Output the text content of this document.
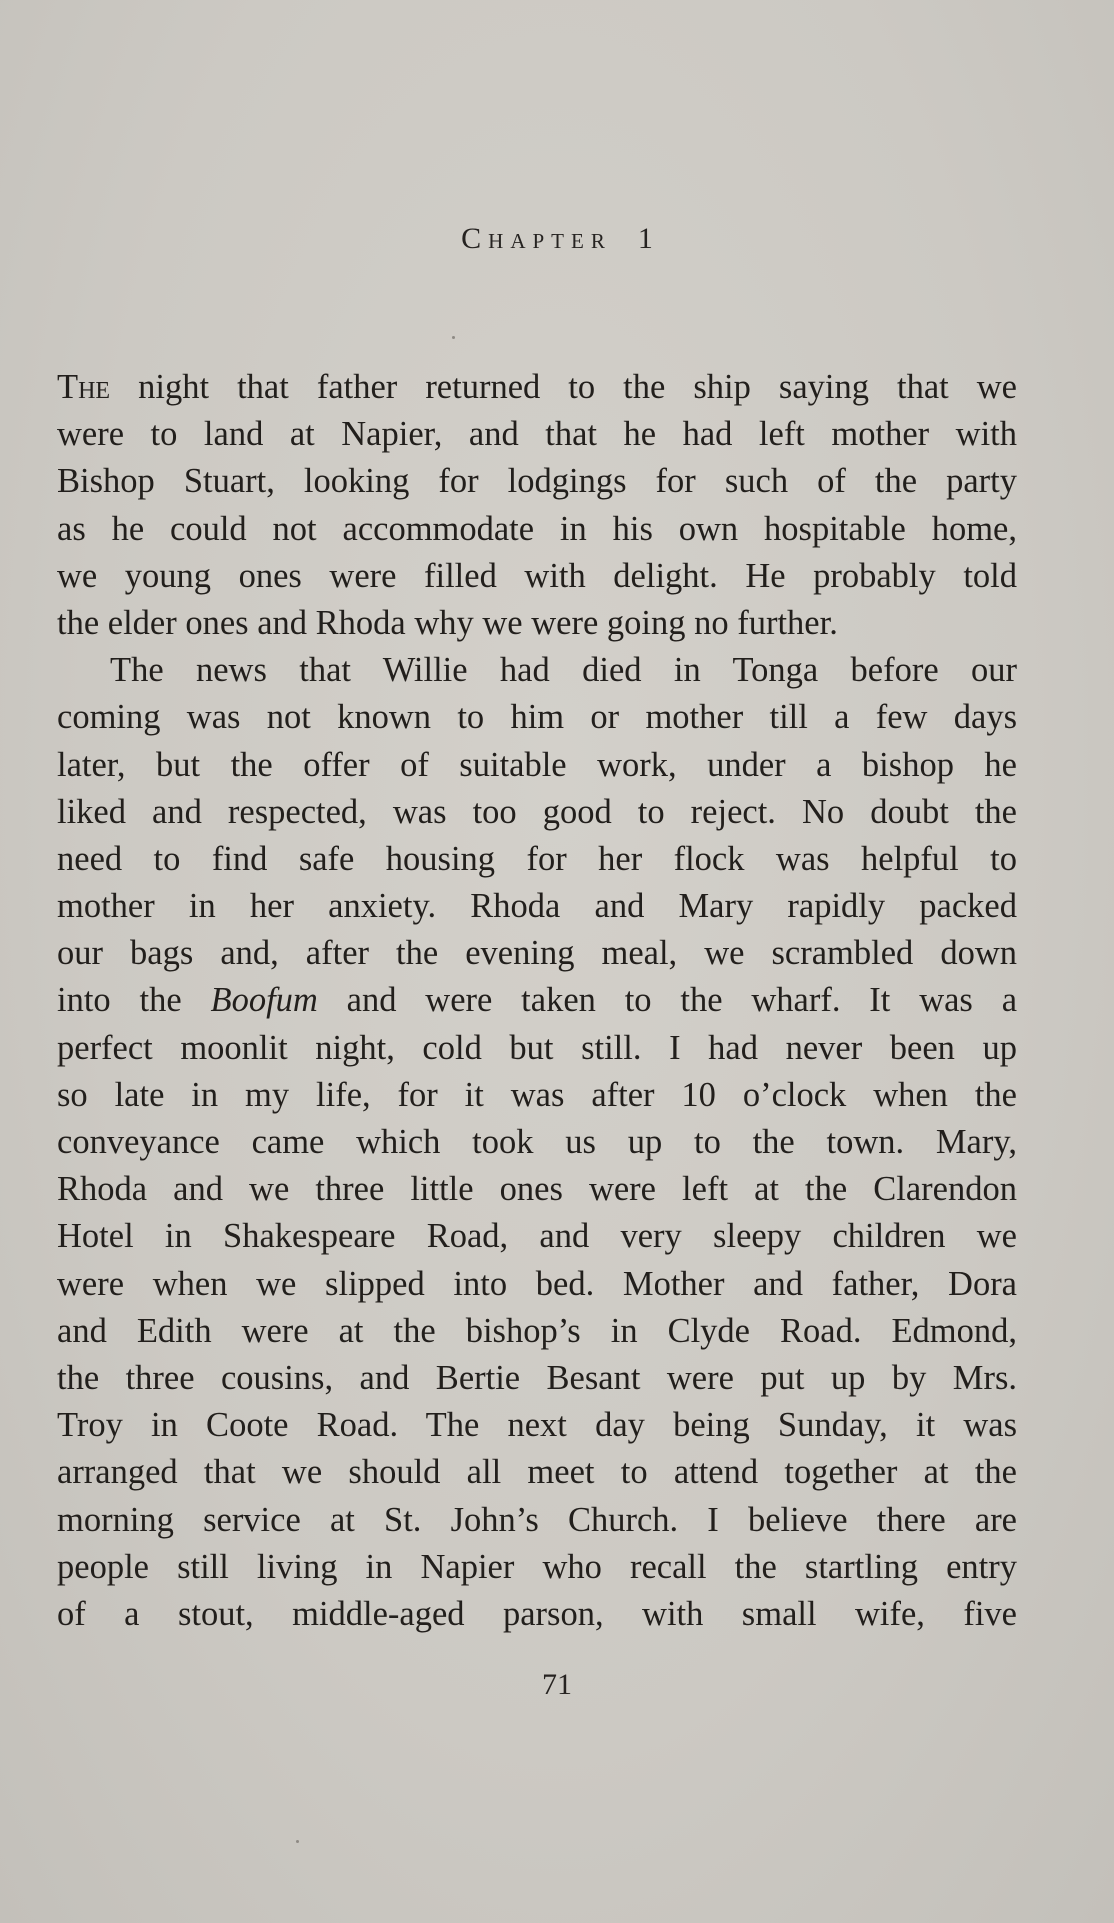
Chapter 1
The night that father returned to the ship saying that we
were to land at Napier, and that he had left mother with
Bishop Stuart, looking for lodgings for such of the party
as he could not accommodate in his own hospitable home,
we young ones were filled with delight. He probably told
the elder ones and Rhoda why we were going no further.
The news that Willie had died in Tonga before our
coming was not known to him or mother till a few days
later, but the offer of suitable work, under a bishop he
liked and respected, was too good to reject. No doubt the
need to find safe housing for her flock was helpful to
mother in her anxiety. Rhoda and Mary rapidly packed
our bags and, after the evening meal, we scrambled down
into the Boofum and were taken to the wharf. It was a
perfect moonlit night, cold but still. I had never been up
so late in my life, for it was after 10 o’clock when the
conveyance came which took us up to the town. Mary,
Rhoda and we three little ones were left at the Clarendon
Hotel in Shakespeare Road, and very sleepy children we
were when we slipped into bed. Mother and father, Dora
and Edith were at the bishop’s in Clyde Road. Edmond,
the three cousins, and Bertie Besant were put up by Mrs.
Troy in Coote Road. The next day being Sunday, it was
arranged that we should all meet to attend together at the
morning service at St. John’s Church. I believe there are
people still living in Napier who recall the startling entry
of a stout, middle-aged parson, with small wife, five
71
